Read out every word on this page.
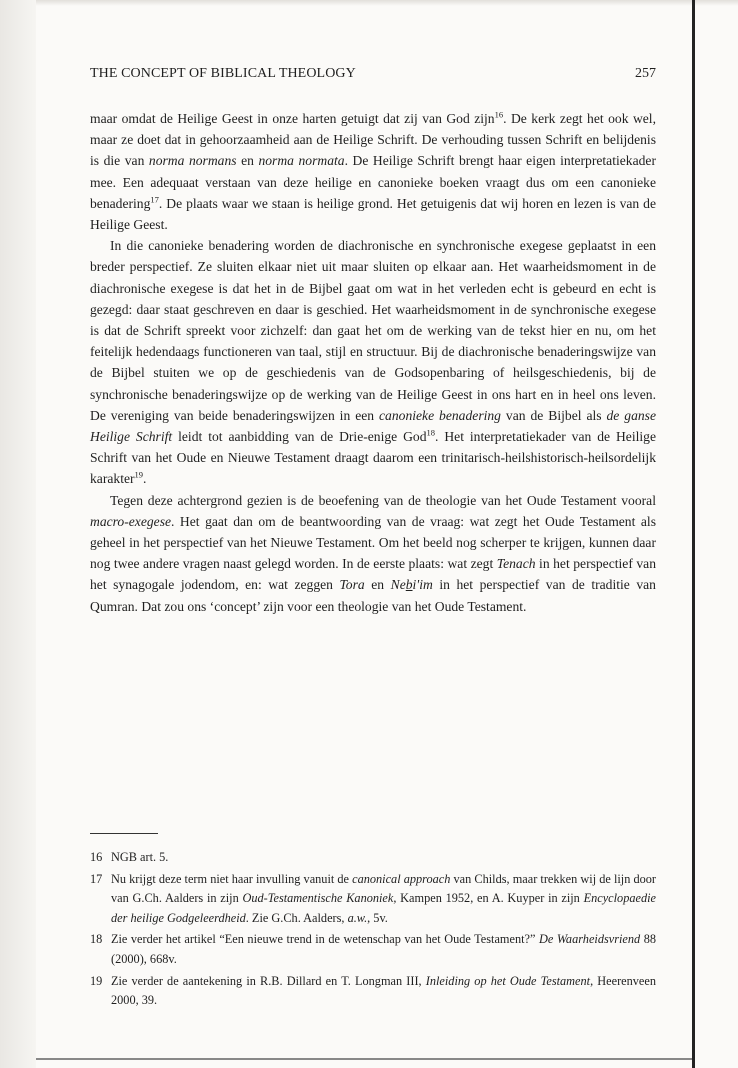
THE CONCEPT OF BIBLICAL THEOLOGY	257

maar omdat de Heilige Geest in onze harten getuigt dat zij van God zijn$^{16}$. De kerk zegt het ook wel, maar ze doet dat in gehoorzaamheid aan de Heilige Schrift. De verhouding tussen Schrift en belijdenis is die van norma normans en norma normata. De Heilige Schrift brengt haar eigen interpretatiekader mee. Een adequaat verstaan van deze heilige en canonieke boeken vraagt dus om een canonieke benadering$^{17}$. De plaats waar we staan is heilige grond. Het getuigenis dat wij horen en lezen is van de Heilige Geest.

In die canonieke benadering worden de diachronische en synchronische exegese geplaatst in een breder perspectief. Ze sluiten elkaar niet uit maar sluiten op elkaar aan. Het waarheidsmoment in de diachronische exegese is dat het in de Bijbel gaat om wat in het verleden echt is gebeurd en echt is gezegd: daar staat geschreven en daar is geschied. Het waarheidsmoment in de synchronische exegese is dat de Schrift spreekt voor zichzelf: dan gaat het om de werking van de tekst hier en nu, om het feitelijk hedendaags functioneren van taal, stijl en structuur. Bij de diachronische benaderingswijze van de Bijbel stuiten we op de geschiedenis van de Godsopenbaring of heilsgeschiedenis, bij de synchronische benaderingswijze op de werking van de Heilige Geest in ons hart en in heel ons leven. De vereniging van beide benaderingswijzen in een canonieke benadering van de Bijbel als de ganse Heilige Schrift leidt tot aanbidding van de Drie-enige God$^{18}$. Het interpretatiekader van de Heilige Schrift van het Oude en Nieuwe Testament draagt daarom een trinitarisch-heilshistorisch-heilsordelijk karakter$^{19}$.

Tegen deze achtergrond gezien is de beoefening van de theologie van het Oude Testament vooral macro-exegese. Het gaat dan om de beantwoording van de vraag: wat zegt het Oude Testament als geheel in het perspectief van het Nieuwe Testament. Om het beeld nog scherper te krijgen, kunnen daar nog twee andere vragen naast gelegd worden. In de eerste plaats: wat zegt Tenach in het perspectief van het synagogale jodendom, en: wat zeggen Tora en Nebi'im in het perspectief van de traditie van Qumran. Dat zou ons ‘concept’ zijn voor een theologie van het Oude Testament.

16 NGB art. 5.
17 Nu krijgt deze term niet haar invulling vanuit de canonical approach van Childs, maar trekken wij de lijn door van G.Ch. Aalders in zijn Oud-Testamentische Kanoniek, Kampen 1952, en A. Kuyper in zijn Encyclopaedie der heilige Godgeleerdheid. Zie G.Ch. Aalders, a.w., 5v.
18 Zie verder het artikel “Een nieuwe trend in de wetenschap van het Oude Testament?” De Waarheidsvriend 88 (2000), 668v.
19 Zie verder de aantekening in R.B. Dillard en T. Longman III, Inleiding op het Oude Testament, Heerenveen 2000, 39.
